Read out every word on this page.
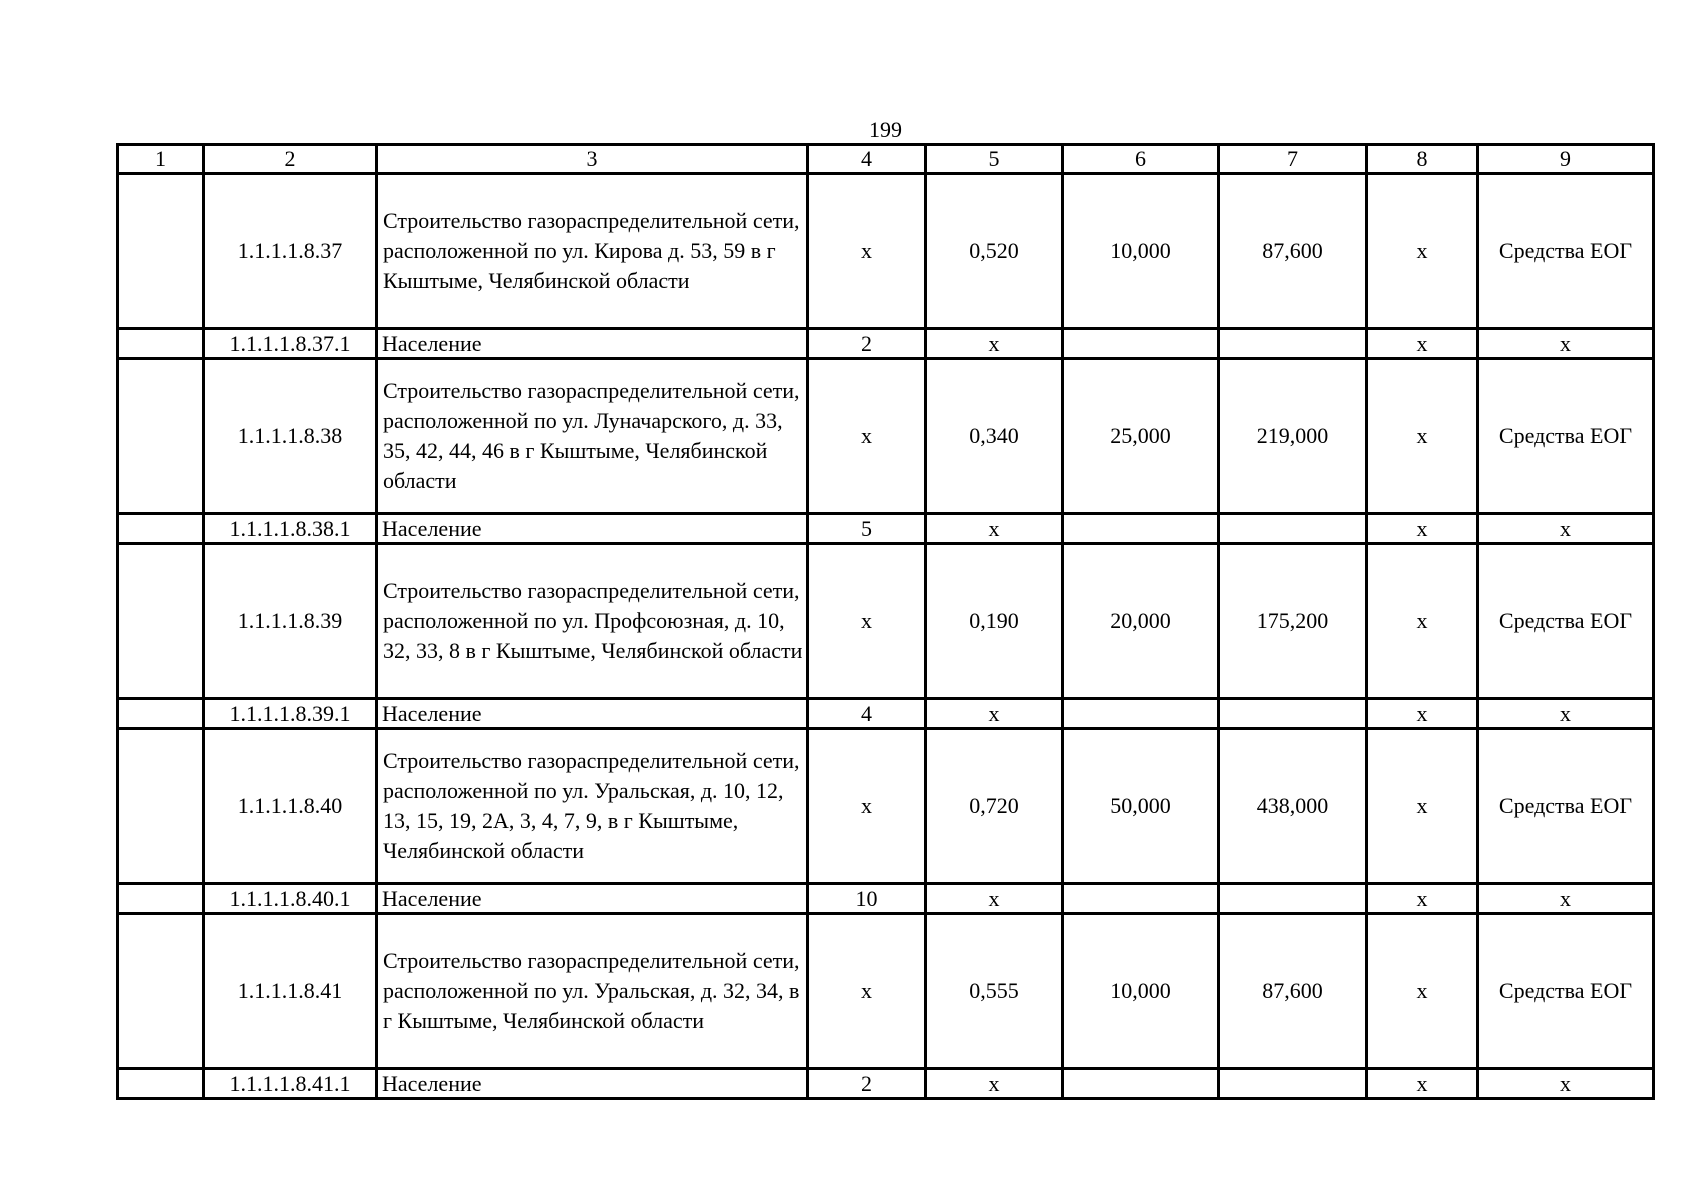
199
1	2	3	4	5	6	7	8	9
	1.1.1.1.8.37	Строительство газораспределительной сети, расположенной по ул. Кирова д. 53, 59 в г Кыштыме, Челябинской области	х	0,520	10,000	87,600	х	Средства ЕОГ
	1.1.1.1.8.37.1	Население	2	х			х	х
	1.1.1.1.8.38	Строительство газораспределительной сети, расположенной по ул. Луначарского, д. 33, 35, 42, 44, 46 в г Кыштыме, Челябинской области	х	0,340	25,000	219,000	х	Средства ЕОГ
	1.1.1.1.8.38.1	Население	5	х			х	х
	1.1.1.1.8.39	Строительство газораспределительной сети, расположенной по ул. Профсоюзная, д. 10, 32, 33, 8 в г Кыштыме, Челябинской области	х	0,190	20,000	175,200	х	Средства ЕОГ
	1.1.1.1.8.39.1	Население	4	х			х	х
	1.1.1.1.8.40	Строительство газораспределительной сети, расположенной по ул. Уральская, д. 10, 12, 13, 15, 19, 2А, 3, 4, 7, 9, в г Кыштыме, Челябинской области	х	0,720	50,000	438,000	х	Средства ЕОГ
	1.1.1.1.8.40.1	Население	10	х			х	х
	1.1.1.1.8.41	Строительство газораспределительной сети, расположенной по ул. Уральская, д. 32, 34, в г Кыштыме, Челябинской области	х	0,555	10,000	87,600	х	Средства ЕОГ
	1.1.1.1.8.41.1	Население	2	х			х	х
